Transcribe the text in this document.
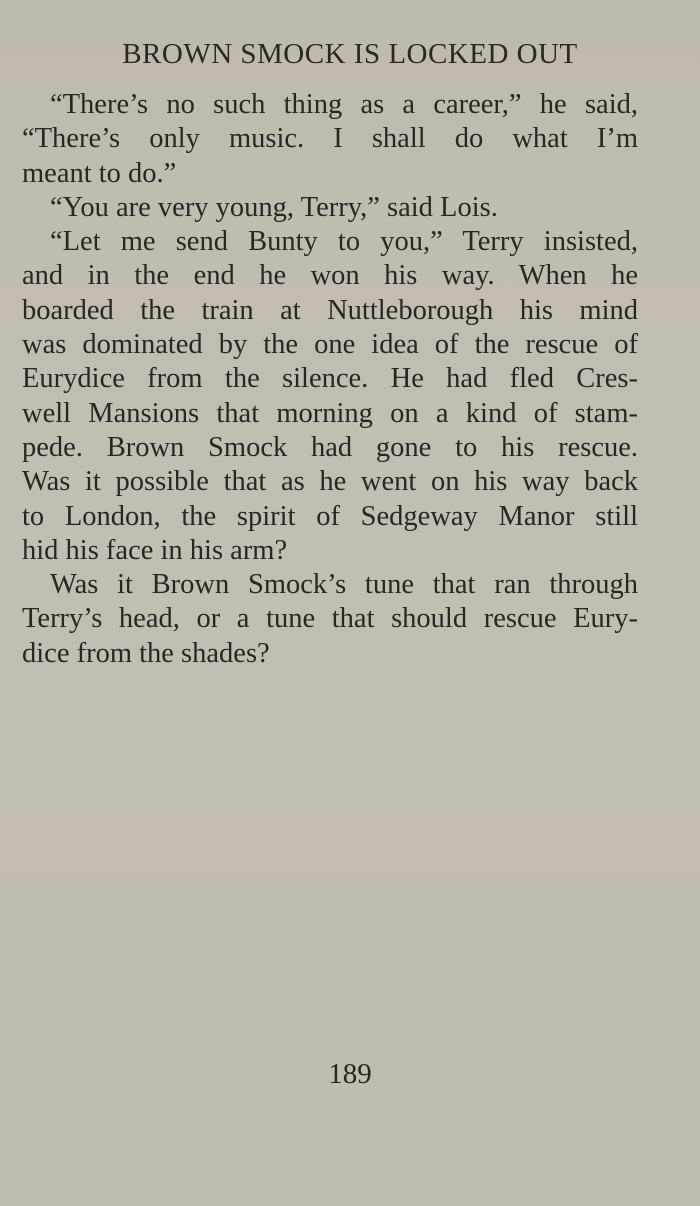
BROWN SMOCK IS LOCKED OUT
“There’s no such thing as a career,” he said,
“There’s only music. I shall do what I’m
meant to do.”
“You are very young, Terry,” said Lois.
“Let me send Bunty to you,” Terry insisted,
and in the end he won his way. When he
boarded the train at Nuttleborough his mind
was dominated by the one idea of the rescue of
Eurydice from the silence. He had fled Cres-
well Mansions that morning on a kind of stam-
pede. Brown Smock had gone to his rescue.
Was it possible that as he went on his way back
to London, the spirit of Sedgeway Manor still
hid his face in his arm?
Was it Brown Smock’s tune that ran through
Terry’s head, or a tune that should rescue Eury-
dice from the shades?

189
